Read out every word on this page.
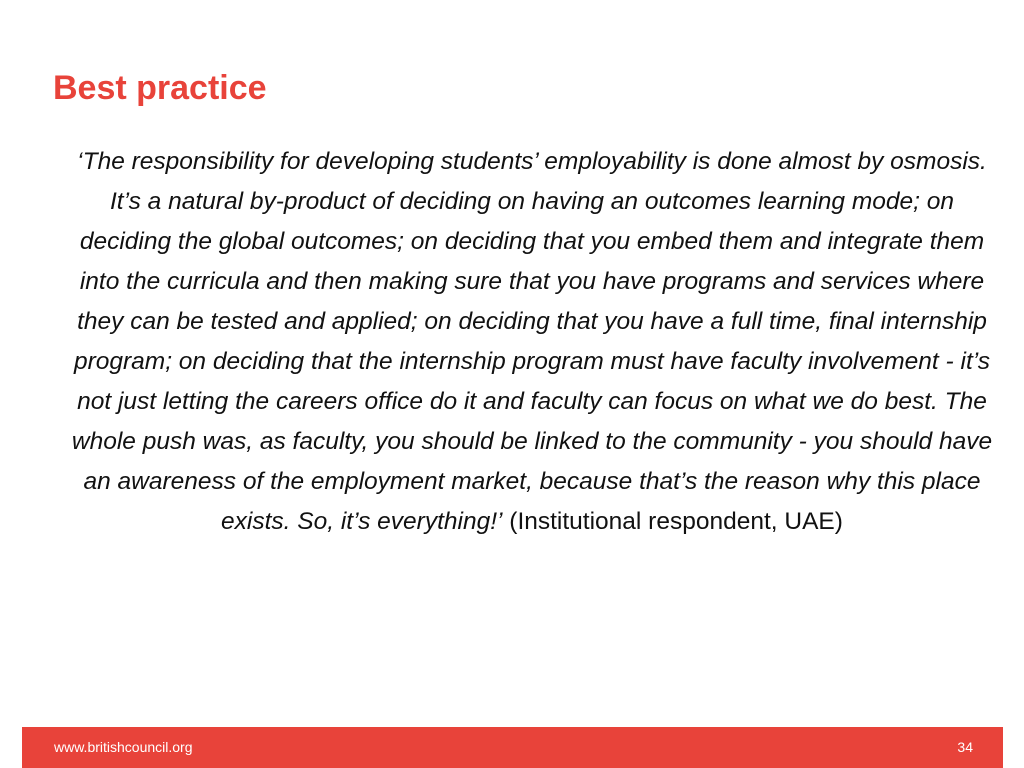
Best practice

‘The responsibility for developing students’ employability is done almost by osmosis. It’s a natural by-product of deciding on having an outcomes learning mode; on deciding the global outcomes; on deciding that you embed them and integrate them into the curricula and then making sure that you have programs and services where they can be tested and applied; on deciding that you have a full time, final internship program; on deciding that the internship program must have faculty involvement - it’s not just letting the careers office do it and faculty can focus on what we do best. The whole push was, as faculty, you should be linked to the community - you should have an awareness of the employment market, because that’s the reason why this place exists. So, it’s everything!’ (Institutional respondent, UAE)

www.britishcouncil.org	34
